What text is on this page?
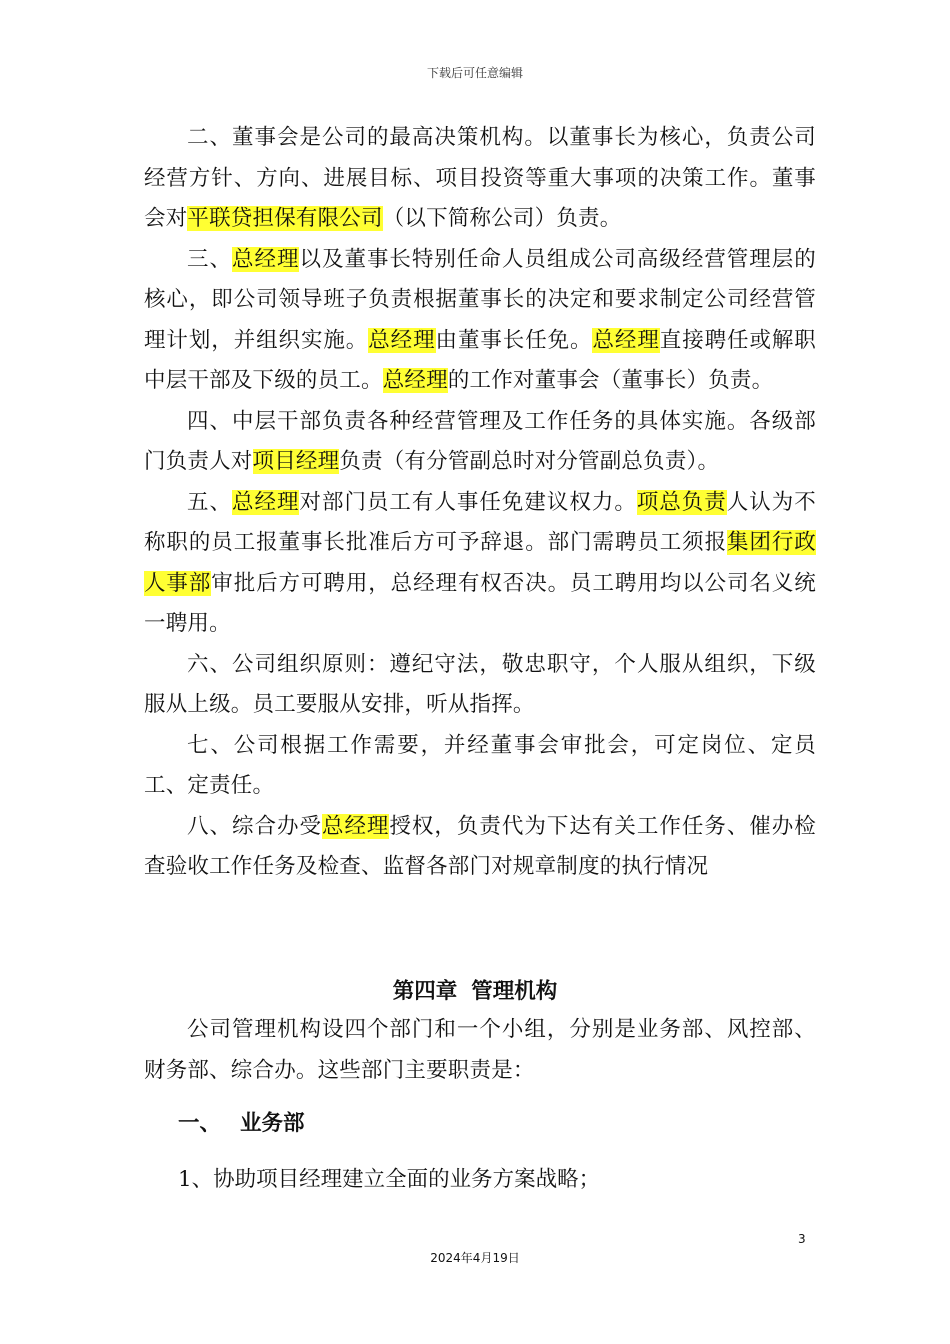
下载后可任意编辑

二、董事会是公司的最高决策机构。以董事长为核心，负责公司经营方针、方向、进展目标、项目投资等重大事项的决策工作。董事会对平联贷担保有限公司（以下简称公司）负责。

三、总经理以及董事长特别任命人员组成公司高级经营管理层的核心，即公司领导班子负责根据董事长的决定和要求制定公司经营管理计划，并组织实施。总经理由董事长任免。总经理直接聘任或解职中层干部及下级的员工。总经理的工作对董事会（董事长）负责。

四、中层干部负责各种经营管理及工作任务的具体实施。各级部门负责人对项目经理负责（有分管副总时对分管副总负责）。

五、总经理对部门员工有人事任免建议权力。项总负责人认为不称职的员工报董事长批准后方可予辞退。部门需聘员工须报集团行政人事部审批后方可聘用，总经理有权否决。员工聘用均以公司名义统一聘用。

六、公司组织原则：遵纪守法，敬忠职守，个人服从组织，下级服从上级。员工要服从安排，听从指挥。

七、公司根据工作需要，并经董事会审批会，可定岗位、定员工、定责任。

八、综合办受总经理授权，负责代为下达有关工作任务、催办检查验收工作任务及检查、监督各部门对规章制度的执行情况

第四章 管理机构

公司管理机构设四个部门和一个小组，分别是业务部、风控部、财务部、综合办。这些部门主要职责是：

一、 业务部
1、协助项目经理建立全面的业务方案战略；
3
2024年4月19日
